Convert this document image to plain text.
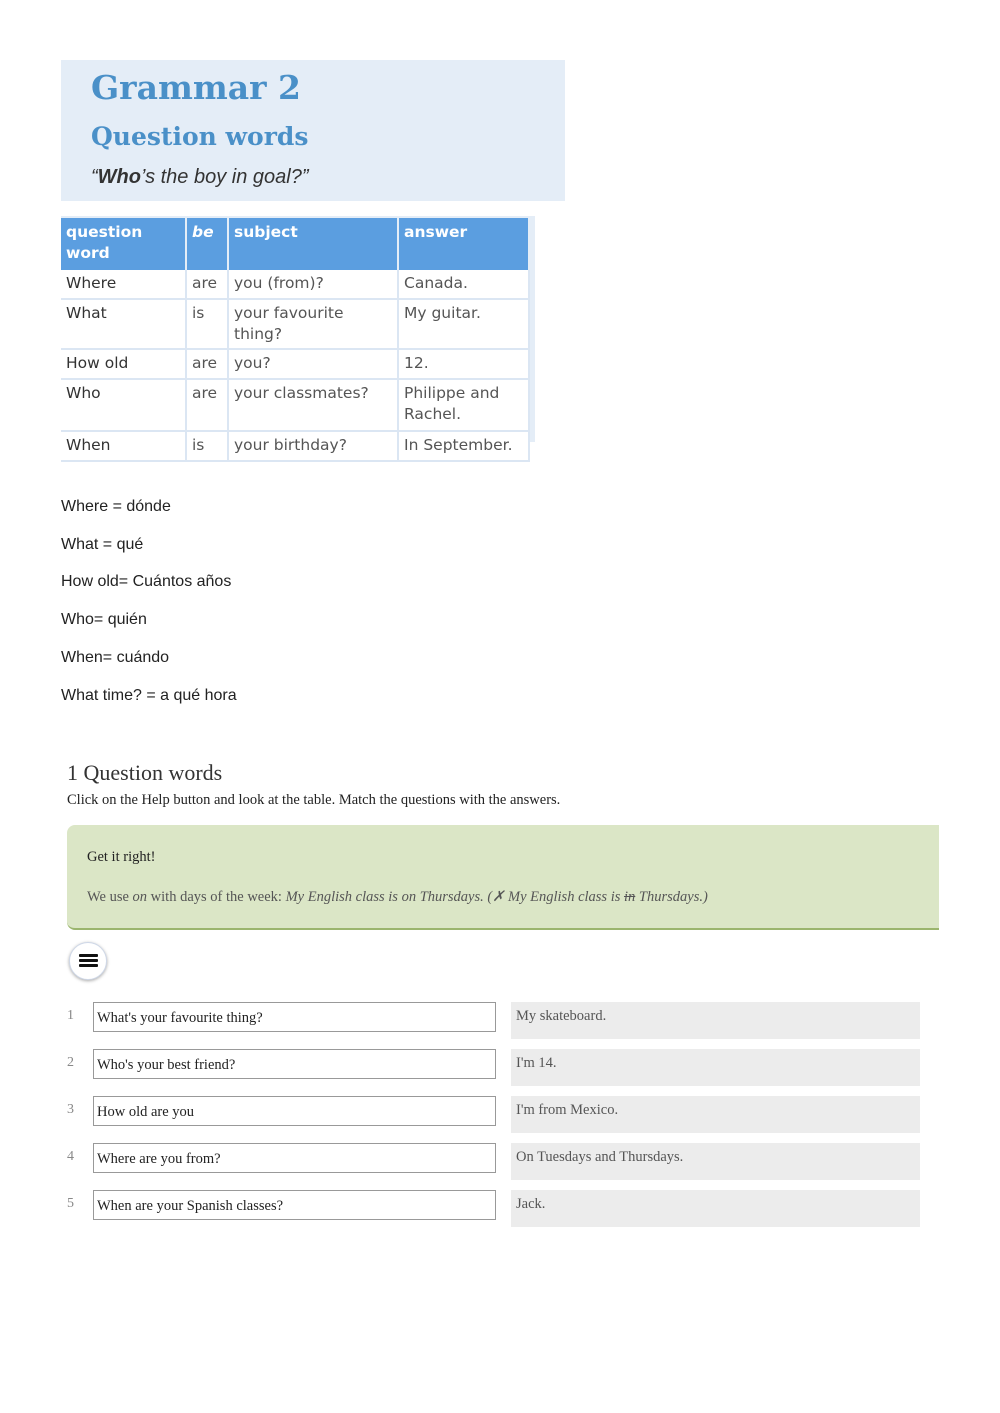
Grammar 2
Question words
“Who’s the boy in goal?”
question
word	be	subject	answer
Where	are	you (from)?	Canada.
What	is	your favourite thing?	My guitar.
How old	are	you?	12.
Who	are	your classmates?	Philippe and
Rachel.
When	is	your birthday?	In September.
Where = dónde
What = qué
How old= Cuántos años
Who= quién
When= cuándo
What time? = a qué hora
1 Question words
Click on the Help button and look at the table. Match the questions with the answers.
Get it right!
We use on with days of the week: My English class is on Thursdays. (✗ My English class is in Thursdays.)
1 What's your favourite thing?	My skateboard.
2 Who's your best friend?	I'm 14.
3 How old are you	I'm from Mexico.
4 Where are you from?	On Tuesdays and Thursdays.
5 When are your Spanish classes?	Jack.
